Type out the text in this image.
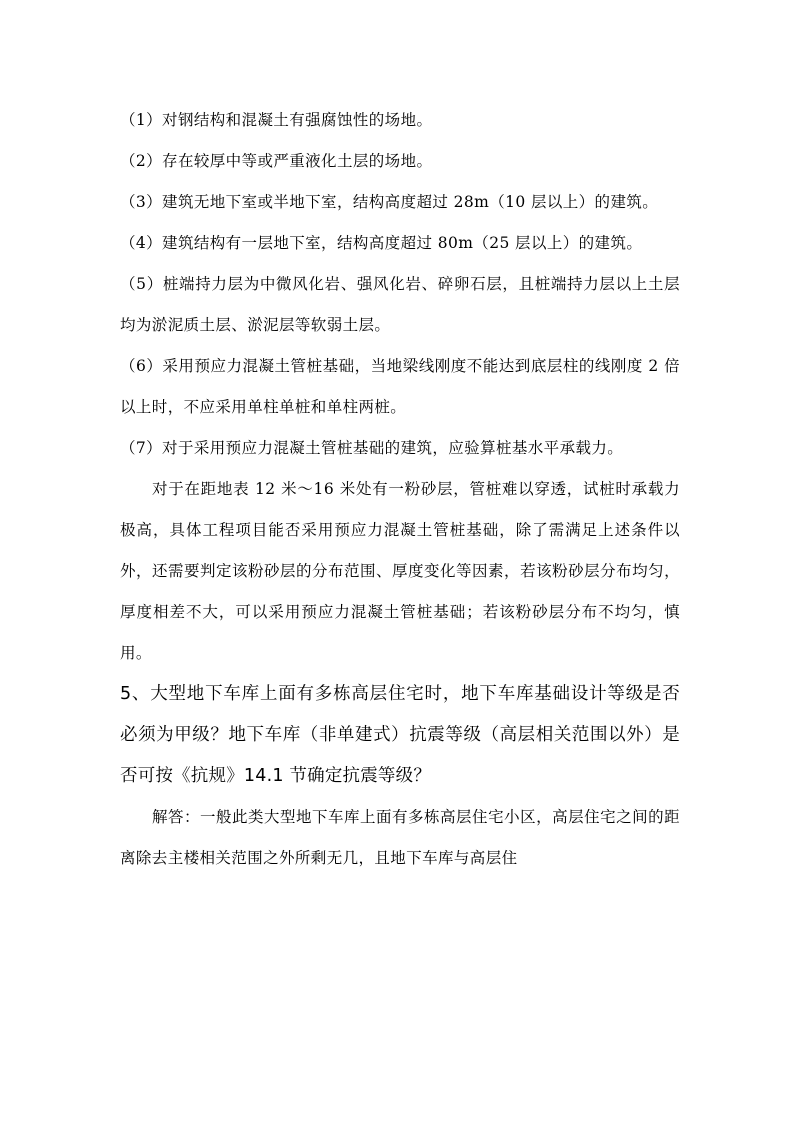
（1）对钢结构和混凝土有强腐蚀性的场地。

（2）存在较厚中等或严重液化土层的场地。

（3）建筑无地下室或半地下室，结构高度超过 28m（10 层以上）的建筑。

（4）建筑结构有一层地下室，结构高度超过 80m（25 层以上）的建筑。

（5）桩端持力层为中微风化岩、强风化岩、碎卵石层，且桩端持力层以上土层均为淤泥质土层、淤泥层等软弱土层。

（6）采用预应力混凝土管桩基础，当地梁线刚度不能达到底层柱的线刚度 2 倍以上时，不应采用单柱单桩和单柱两桩。

（7）对于采用预应力混凝土管桩基础的建筑，应验算桩基水平承载力。

对于在距地表 12 米～16 米处有一粉砂层，管桩难以穿透，试桩时承载力极高，具体工程项目能否采用预应力混凝土管桩基础，除了需满足上述条件以外，还需要判定该粉砂层的分布范围、厚度变化等因素，若该粉砂层分布均匀，厚度相差不大，可以采用预应力混凝土管桩基础；若该粉砂层分布不均匀，慎用。

5、大型地下车库上面有多栋高层住宅时，地下车库基础设计等级是否必须为甲级？地下车库（非单建式）抗震等级（高层相关范围以外）是否可按《抗规》14.1 节确定抗震等级？

解答：一般此类大型地下车库上面有多栋高层住宅小区，高层住宅之间的距离除去主楼相关范围之外所剩无几，且地下车库与高层住
